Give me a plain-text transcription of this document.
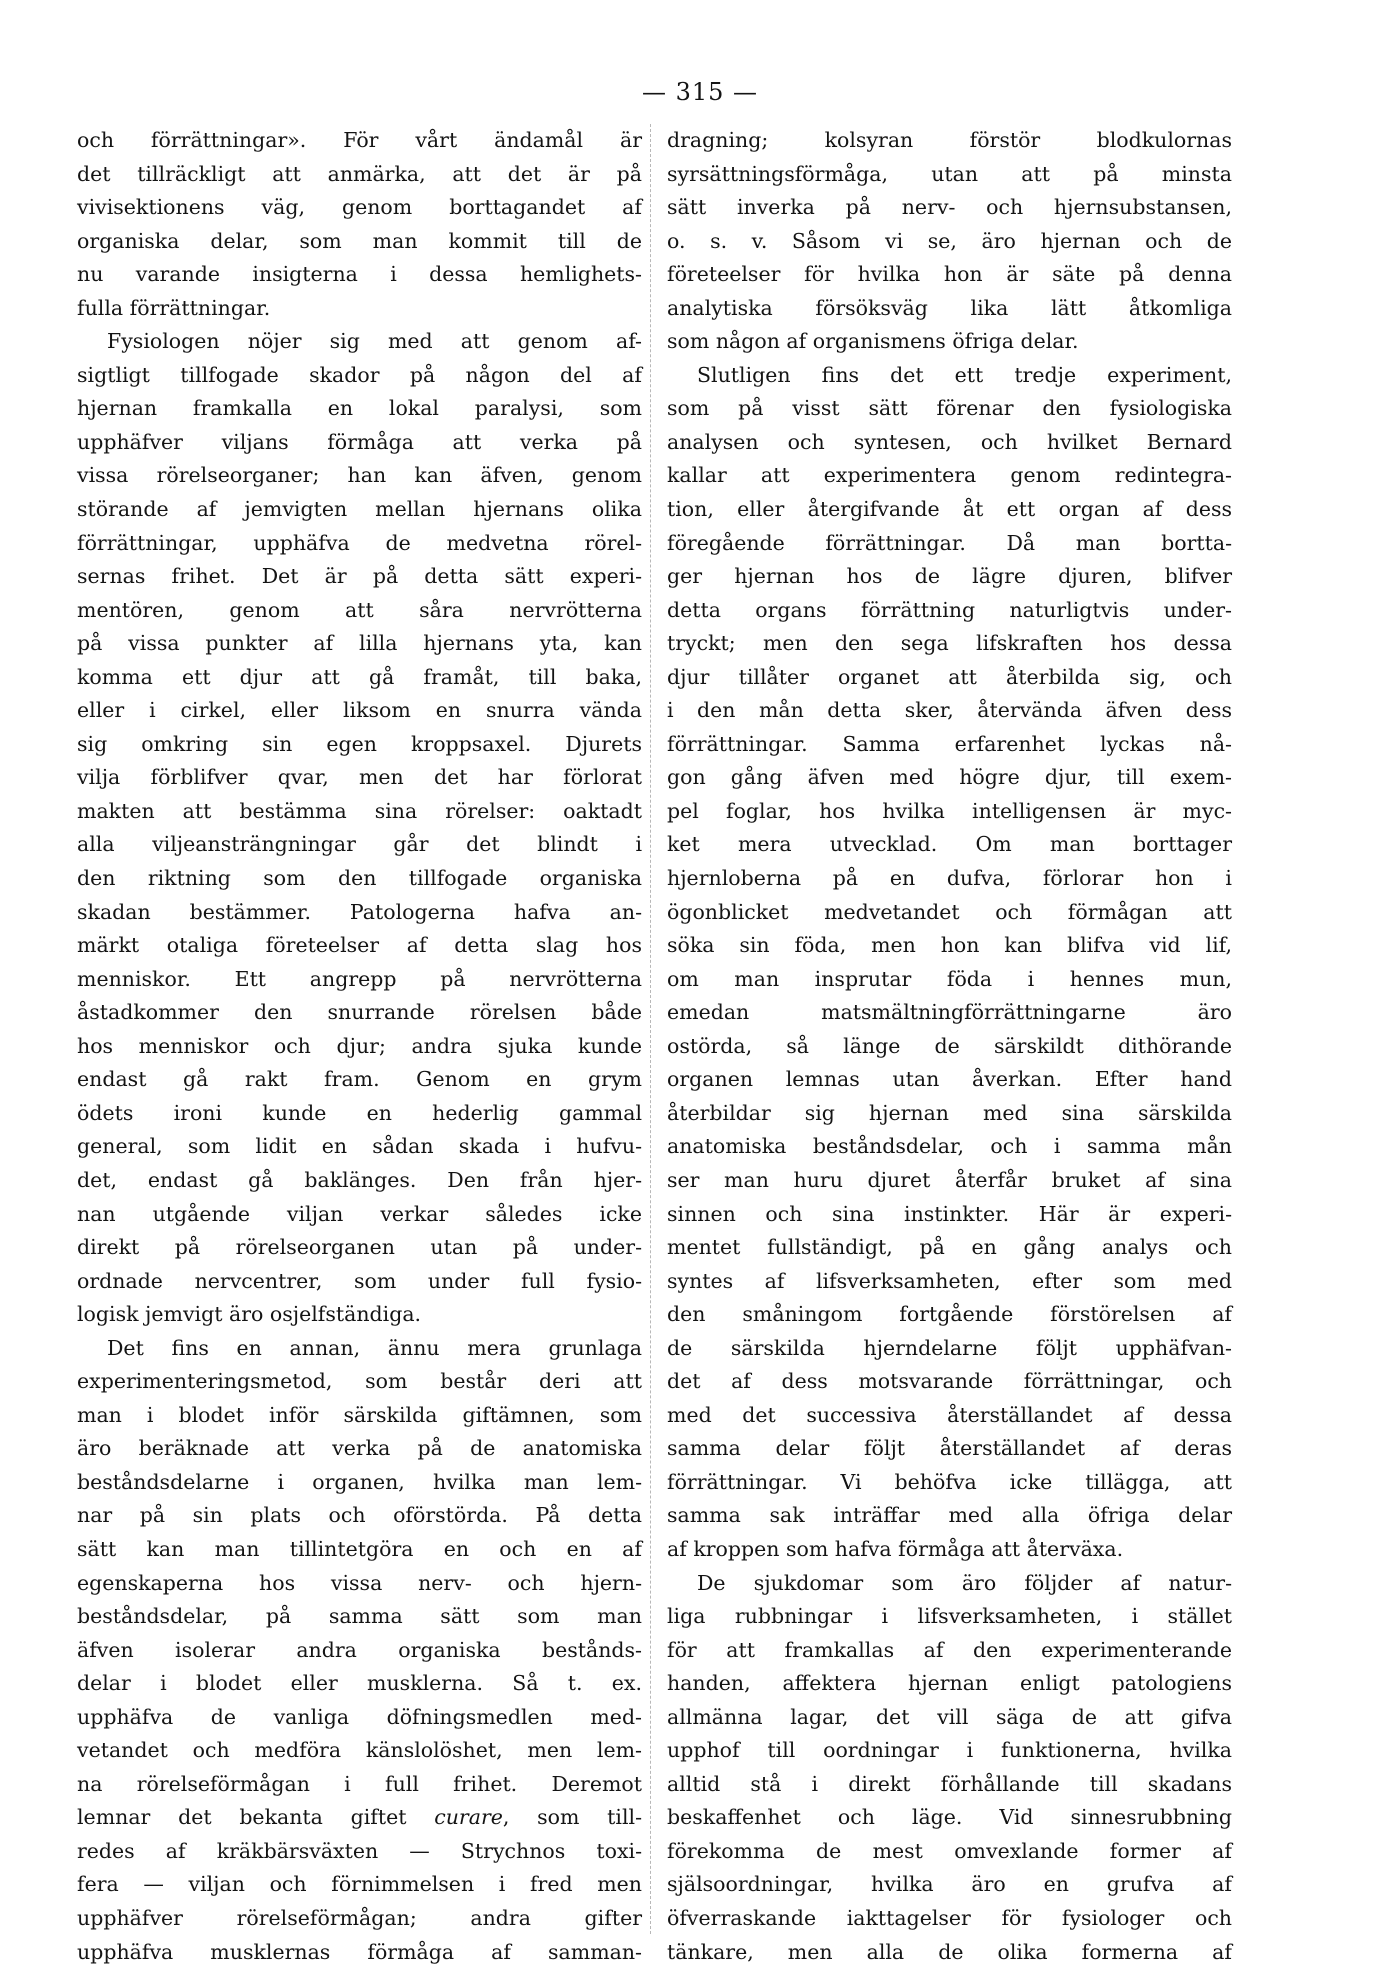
— 315 —
och förrättningar». För vårt ändamål är
det tillräckligt att anmärka, att det är på
vivisektionens väg, genom borttagandet af
organiska delar, som man kommit till de
nu varande insigterna i dessa hemlighets-
fulla förrättningar.
Fysiologen nöjer sig med att genom af-
sigtligt tillfogade skador på någon del af
hjernan framkalla en lokal paralysi, som
upphäfver viljans förmåga att verka på
vissa rörelseorganer; han kan äfven, genom
störande af jemvigten mellan hjernans olika
förrättningar, upphäfva de medvetna rörel-
sernas frihet. Det är på detta sätt experi-
mentören, genom att såra nervrötterna
på vissa punkter af lilla hjernans yta, kan
komma ett djur att gå framåt, till baka,
eller i cirkel, eller liksom en snurra vända
sig omkring sin egen kroppsaxel. Djurets
vilja förblifver qvar, men det har förlorat
makten att bestämma sina rörelser: oaktadt
alla viljeansträngningar går det blindt i
den riktning som den tillfogade organiska
skadan bestämmer. Patologerna hafva an-
märkt otaliga företeelser af detta slag hos
menniskor. Ett angrepp på nervrötterna
åstadkommer den snurrande rörelsen både
hos menniskor och djur; andra sjuka kunde
endast gå rakt fram. Genom en grym
ödets ironi kunde en hederlig gammal
general, som lidit en sådan skada i hufvu-
det, endast gå baklänges. Den från hjer-
nan utgående viljan verkar således icke
direkt på rörelseorganen utan på under-
ordnade nervcentrer, som under full fysio-
logisk jemvigt äro osjelfständiga.
Det fins en annan, ännu mera grunlaga
experimenteringsmetod, som består deri att
man i blodet inför särskilda giftämnen, som
äro beräknade att verka på de anatomiska
beståndsdelarne i organen, hvilka man lem-
nar på sin plats och oförstörda. På detta
sätt kan man tillintetgöra en och en af
egenskaperna hos vissa nerv- och hjern-
beståndsdelar, på samma sätt som man
äfven isolerar andra organiska bestånds-
delar i blodet eller musklerna. Så t. ex.
upphäfva de vanliga döfningsmedlen med-
vetandet och medföra känslolöshet, men lem-
na rörelseförmågan i full frihet. Deremot
lemnar det bekanta giftet curare, som till-
redes af kräkbärsväxten — Strychnos toxi-
fera — viljan och förnimmelsen i fred men
upphäfver rörelseförmågan; andra gifter
upphäfva musklernas förmåga af samman-
dragning; kolsyran förstör blodkulornas
syrsättningsförmåga, utan att på minsta
sätt inverka på nerv- och hjernsubstansen,
o. s. v. Såsom vi se, äro hjernan och de
företeelser för hvilka hon är säte på denna
analytiska försöksväg lika lätt åtkomliga
som någon af organismens öfriga delar.
Slutligen fins det ett tredje experiment,
som på visst sätt förenar den fysiologiska
analysen och syntesen, och hvilket Bernard
kallar att experimentera genom redintegra-
tion, eller återgifvande åt ett organ af dess
föregående förrättningar. Då man bortta-
ger hjernan hos de lägre djuren, blifver
detta organs förrättning naturligtvis under-
tryckt; men den sega lifskraften hos dessa
djur tillåter organet att återbilda sig, och
i den mån detta sker, återvända äfven dess
förrättningar. Samma erfarenhet lyckas nå-
gon gång äfven med högre djur, till exem-
pel foglar, hos hvilka intelligensen är myc-
ket mera utvecklad. Om man borttager
hjernloberna på en dufva, förlorar hon i
ögonblicket medvetandet och förmågan att
söka sin föda, men hon kan blifva vid lif,
om man insprutar föda i hennes mun,
emedan matsmältningförrättningarne äro
ostörda, så länge de särskildt dithörande
organen lemnas utan åverkan. Efter hand
återbildar sig hjernan med sina särskilda
anatomiska beståndsdelar, och i samma mån
ser man huru djuret återfår bruket af sina
sinnen och sina instinkter. Här är experi-
mentet fullständigt, på en gång analys och
syntes af lifsverksamheten, efter som med
den småningom fortgående förstörelsen af
de särskilda hjerndelarne följt upphäfvan-
det af dess motsvarande förrättningar, och
med det successiva återställandet af dessa
samma delar följt återställandet af deras
förrättningar. Vi behöfva icke tillägga, att
samma sak inträffar med alla öfriga delar
af kroppen som hafva förmåga att återväxa.
De sjukdomar som äro följder af natur-
liga rubbningar i lifsverksamheten, i stället
för att framkallas af den experimenterande
handen, affektera hjernan enligt patologiens
allmänna lagar, det vill säga de att gifva
upphof till oordningar i funktionerna, hvilka
alltid stå i direkt förhållande till skadans
beskaffenhet och läge. Vid sinnesrubbning
förekomma de mest omvexlande former af
själsoordningar, hvilka äro en grufva af
öfverraskande iakttagelser för fysiologer och
tänkare, men alla de olika formerna af
